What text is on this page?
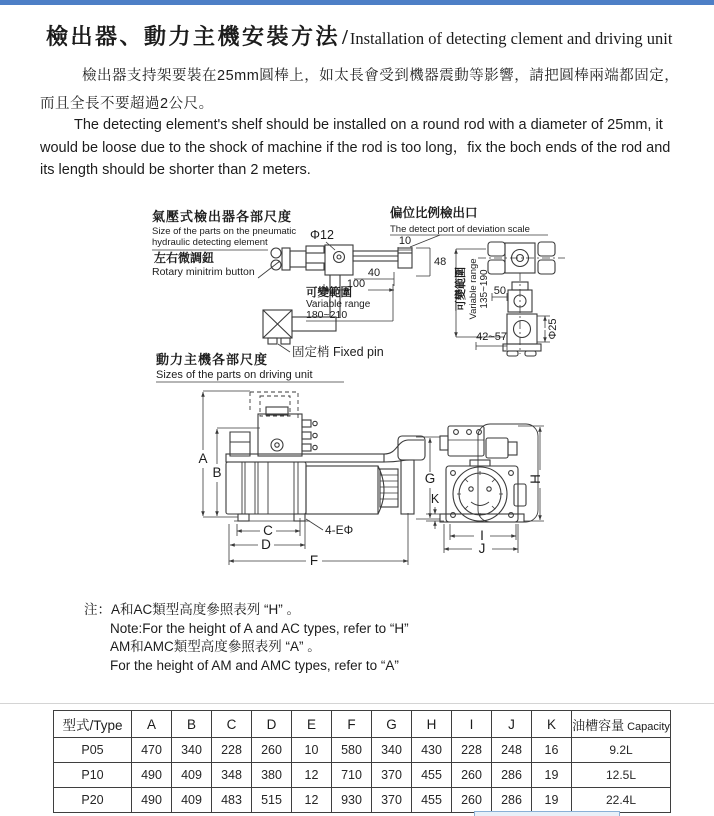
檢出器、動力主機安裝方法/ Installation of detecting clement and driving unit
檢出器支持架要裝在25mm圓棒上，如太長會受到機器震動等影響，請把圓棒兩端都固定，而且全長不要超過2公尺。
The detecting element's shelf should be installed on a round rod with a diameter of 25mm, it would be loose due to the shock of machine if the rod is too long，fix the boch ends of the rod and its length should be shorter than 2 meters.
氣壓式檢出器各部尺度
Size of the parts on the pneumatic
hydraulic detecting element
左右微調鈕
Rotary minitrim button
Φ12
偏位比例檢出口
The detect port of deviation scale
10
48
40
100
可變範圍
Variable range
180~210
固定梢 Fixed pin
50
42~57
可變範圍 Variable range 135~190
Φ25
動力主機各部尺度
Sizes of the parts on driving unit
A
B
C
D
F
G
K
H
I
J
4-EΦ
注：A和AC類型高度參照表列 “H” 。
Note:For the height of A and AC types, refer to “H”
AM和AMC類型高度參照表列 “A” 。
For the height of AM and AMC types, refer to “A”
型式/Type	A	B	C	D	E	F	G	H	I	J	K	油槽容量 Capacity
P05	470	340	228	260	10	580	340	430	228	248	16	9.2L
P10	490	409	348	380	12	710	370	455	260	286	19	12.5L
P20	490	409	483	515	12	930	370	455	260	286	19	22.4L
